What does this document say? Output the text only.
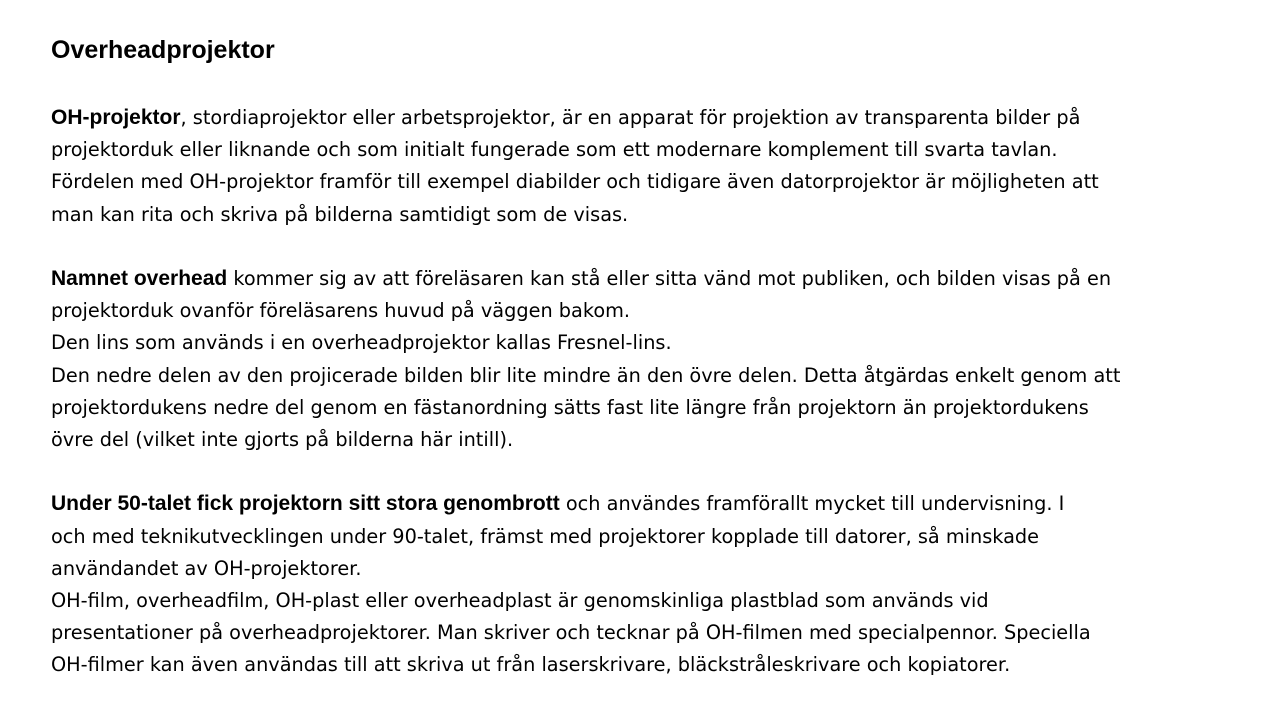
Overheadprojektor
OH-projektor, stordiaprojektor eller arbetsprojektor, är en apparat för projektion av transparenta bilder på
projektorduk eller liknande och som initialt fungerade som ett modernare komplement till svarta tavlan.
Fördelen med OH-projektor framför till exempel diabilder och tidigare även datorprojektor är möjligheten att
man kan rita och skriva på bilderna samtidigt som de visas.
Namnet overhead kommer sig av att föreläsaren kan stå eller sitta vänd mot publiken, och bilden visas på en
projektorduk ovanför föreläsarens huvud på väggen bakom.
Den lins som används i en overheadprojektor kallas Fresnel-lins.
Den nedre delen av den projicerade bilden blir lite mindre än den övre delen. Detta åtgärdas enkelt genom att
projektordukens nedre del genom en fästanordning sätts fast lite längre från projektorn än projektordukens
övre del (vilket inte gjorts på bilderna här intill).
Under 50-talet fick projektorn sitt stora genombrott och användes framförallt mycket till undervisning. I
och med teknikutvecklingen under 90-talet, främst med projektorer kopplade till datorer, så minskade
användandet av OH-projektorer.
OH-film, overheadfilm, OH-plast eller overheadplast är genomskinliga plastblad som används vid
presentationer på overheadprojektorer. Man skriver och tecknar på OH-filmen med specialpennor. Speciella
OH-filmer kan även användas till att skriva ut från laserskrivare, bläckstråleskrivare och kopiatorer.
